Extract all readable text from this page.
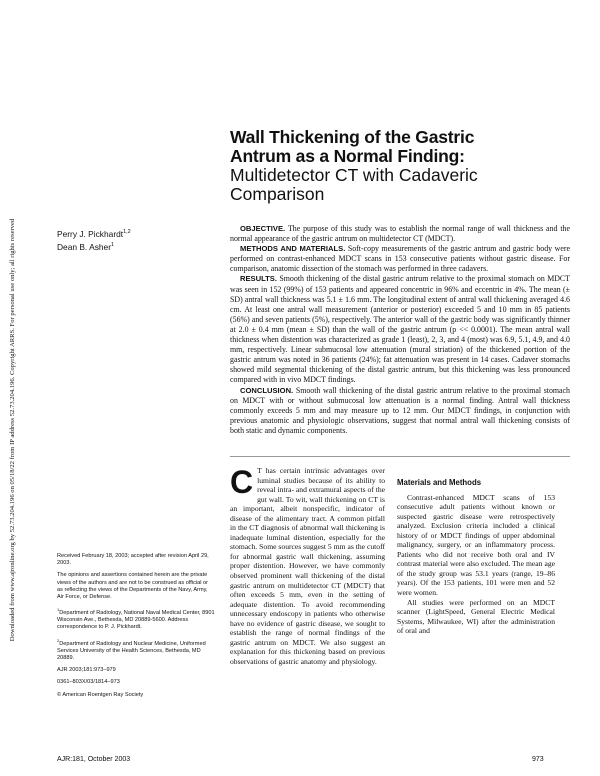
Downloaded from www.ajronline.org by 52.73.204.196 on 05/18/22 from IP address 52.73.204.196. Copyright ARRS. For personal use only; all rights reserved

Wall Thickening of the Gastric

Antrum as a Normal Finding:

Multidetector CT with Cadaveric

Comparison

Perry J. Pickhardt$^{1,2}$
Dean B. Asher$^1$

OBJECTIVE. The purpose of this study was to establish the normal range of wall thickness and the normal appearance of the gastric antrum on multidetector CT (MDCT).

METHODS AND MATERIALS. Soft-copy measurements of the gastric antrum and gastric body were performed on contrast-enhanced MDCT scans in 153 consecutive patients without gastric disease. For comparison, anatomic dissection of the stomach was performed in three cadavers.

RESULTS. Smooth thickening of the distal gastric antrum relative to the proximal stomach on MDCT was seen in 152 (99%) of 153 patients and appeared concentric in 96% and eccentric in 4%. The mean (± SD) antral wall thickness was 5.1 ± 1.6 mm. The longitudinal extent of antral wall thickening averaged 4.6 cm. At least one antral wall measurement (anterior or posterior) exceeded 5 and 10 mm in 85 patients (56%) and seven patients (5%), respectively. The anterior wall of the gastric body was significantly thinner at 2.0 ± 0.4 mm (mean ± SD) than the wall of the gastric antrum (p << 0.0001). The mean antral wall thickness when distention was characterized as grade 1 (least), 2, 3, and 4 (most) was 6.9, 5.1, 4.9, and 4.0 mm, respectively. Linear submucosal low attenuation (mural striation) of the thickened portion of the gastric antrum was noted in 36 patients (24%); fat attenuation was present in 14 cases. Cadaver stomachs showed mild segmental thickening of the distal gastric antrum, but this thickening was less pronounced compared with in vivo MDCT findings.

CONCLUSION. Smooth wall thickening of the distal gastric antrum relative to the proximal stomach on MDCT with or without submucosal low attenuation is a normal finding. Antral wall thickness commonly exceeds 5 mm and may measure up to 12 mm. Our MDCT findings, in conjunction with previous anatomic and physiologic observations, suggest that normal antral wall thickening consists of both static and dynamic components.

C T has certain intrinsic advantages over luminal studies because of its ability to reveal intra- and extramural aspects of the gut wall. To wit, wall thickening on CT is an important, albeit nonspecific, indicator of disease of the alimentary tract. A common pitfall in the CT diagnosis of abnormal wall thickening is inadequate luminal distention, especially for the stomach. Some sources suggest 5 mm as the cutoff for abnormal gastric wall thickening, assuming proper distention. However, we have commonly observed prominent wall thickening of the distal gastric antrum on multidetector CT (MDCT) that often exceeds 5 mm, even in the setting of adequate distention. To avoid recommending unnecessary endoscopy in patients who otherwise have no evidence of gastric disease, we sought to establish the range of normal findings of the gastric antrum on MDCT. We also suggest an explanation for this thickening based on previous observations of gastric anatomy and physiology.

Materials and Methods

Contrast-enhanced MDCT scans of 153 consecutive adult patients without known or suspected gastric disease were retrospectively analyzed. Exclusion criteria included a clinical history of or MDCT findings of upper abdominal malignancy, surgery, or an inflammatory process. Patients who did not receive both oral and IV contrast material were also excluded. The mean age of the study group was 53.1 years (range, 19–86 years). Of the 153 patients, 101 were men and 52 were women.

All studies were performed on an MDCT scanner (LightSpeed, General Electric Medical Systems, Milwaukee, WI) after the administration of oral and

Received February 18, 2003; accepted after revision April 29, 2003.

The opinions and assertions contained herein are the private views of the authors and are not to be construed as official or as reflecting the views of the Departments of the Navy, Army, Air Force, or Defense.

$^1$Department of Radiology, National Naval Medical Center, 8901 Wisconsin Ave., Bethesda, MD 20889-5600. Address correspondence to P. J. Pickhardt.

$^2$Department of Radiology and Nuclear Medicine, Uniformed Services University of the Health Sciences, Bethesda, MD 20889.

AJR 2003;181:973–979

0361–803X/03/1814–973

© American Roentgen Ray Society

AJR:181, October 2003	973
